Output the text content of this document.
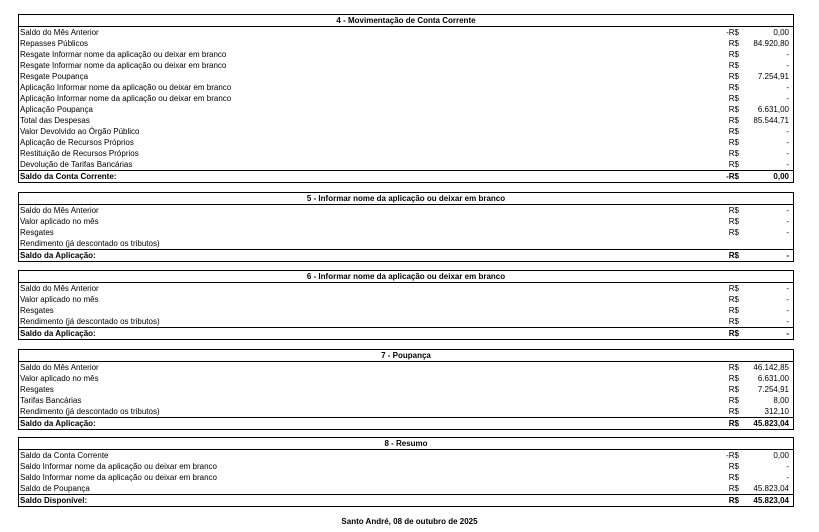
4 - Movimentação de Conta Corrente
Saldo do Mês Anterior	-R$	0,00
Repasses Públicos	R$ 84.920,80
Resgate Informar nome da aplicação ou deixar em branco	R$	-
Resgate Informar nome da aplicação ou deixar em branco	R$	-
Resgate Poupança	R$ 7.254,91
Aplicação Informar nome da aplicação ou deixar em branco	R$	-
Aplicação Informar nome da aplicação ou deixar em branco	R$	-
Aplicação Poupança	R$ 6.631,00
Total das Despesas	R$ 85.544,71
Valor Devolvido ao Órgão Público	R$	-
Aplicação de Recursos Próprios	R$	-
Restituição de Recursos Próprios	R$	-
Devolução de Tarifas Bancárias	R$	-
Saldo da Conta Corrente:	-R$	0,00
5 - Informar nome da aplicação ou deixar em branco
Saldo do Mês Anterior	R$	-
Valor aplicado no mês	R$	-
Resgates	R$	-
Rendimento (já descontado os tributos)
Saldo da Aplicação:	R$	-
6 - Informar nome da aplicação ou deixar em branco
Saldo do Mês Anterior	R$	-
Valor aplicado no mês	R$	-
Resgates	R$	-
Rendimento (já descontado os tributos)	R$	-
Saldo da Aplicação:	R$	-
7 - Poupança
Saldo do Mês Anterior	R$ 46.142,85
Valor aplicado no mês	R$ 6.631,00
Resgates	R$ 7.254,91
Tarifas Bancárias	R$	8,00
Rendimento (já descontado os tributos)	R$	312,10
Saldo da Aplicação:	R$ 45.823,04
8 - Resumo
Saldo da Conta Corrente	-R$	0,00
Saldo Informar nome da aplicação ou deixar em branco	R$	-
Saldo Informar nome da aplicação ou deixar em branco	R$	-
Saldo de Poupança	R$ 45.823,04
Saldo Disponível:	R$ 45.823,04
Santo André, 08 de outubro de 2025
